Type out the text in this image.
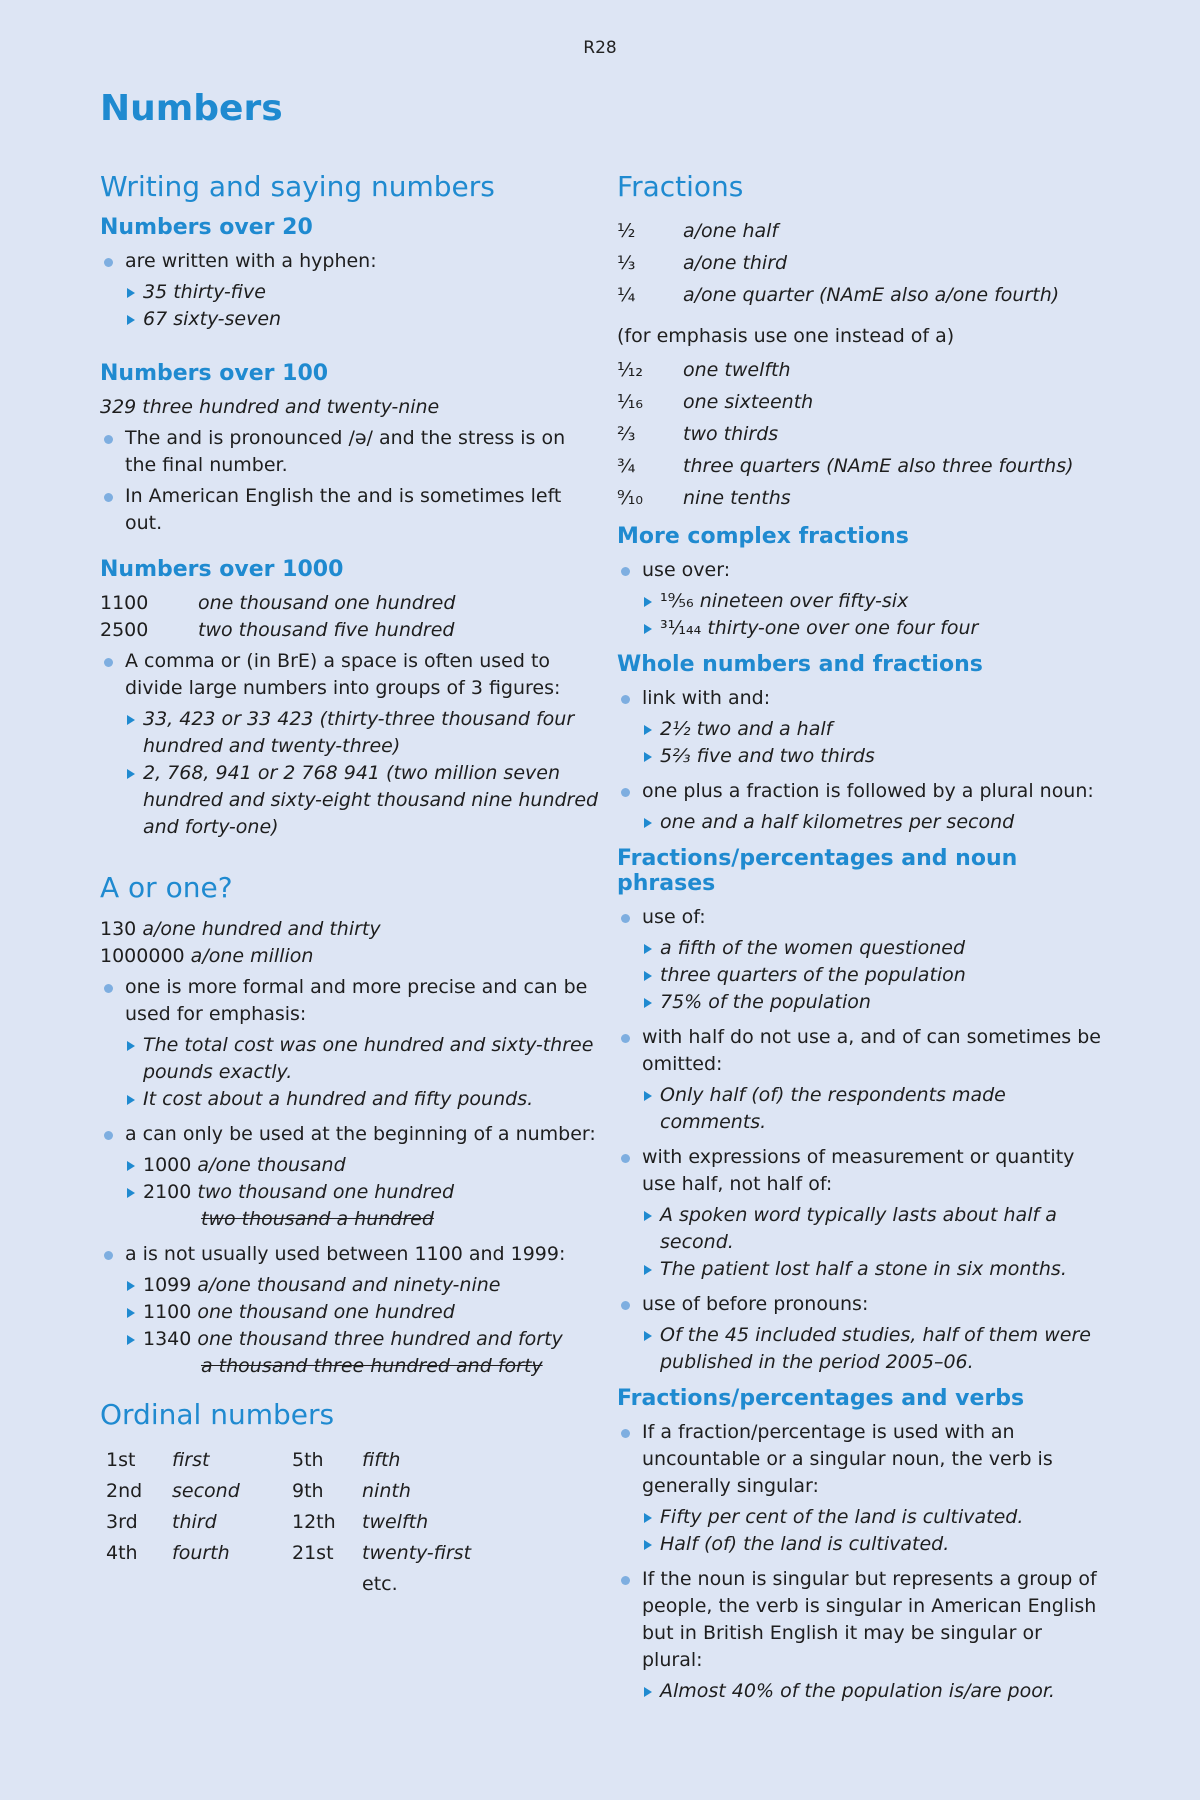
R28
Numbers
Writing and saying numbers
Numbers over 20

are written with a hyphen:

35 thirty-five
67 sixty-seven
Numbers over 100

329 three hundred and twenty-nine

The and is pronounced /ə/ and the stress is on the final number.

In American English the and is sometimes left out.

Numbers over 1000
1100	one thousand one hundred
2500	two thousand five hundred

A comma or (in BrE) a space is often used to divide large numbers into groups of 3 figures:

33, 423 or 33 423 (thirty-three thousand four hundred and twenty-three)
2, 768, 941 or 2 768 941 (two million seven hundred and sixty-eight thousand nine hundred and forty-one)
A or one?

130 a/one hundred and thirty

1000000 a/one million

one is more formal and more precise and can be used for emphasis:

The total cost was one hundred and sixty-three pounds exactly.
It cost about a hundred and fifty pounds.

a can only be used at the beginning of a number:

1000 a/one thousand
2100 two thousand one hundred
two thousand a hundred

a is not usually used between 1100 and 1999:

1099 a/one thousand and ninety-nine
1100 one thousand one hundred
1340 one thousand three hundred and forty
a thousand three hundred and forty
Ordinal numbers
1st	first	5th	fifth
2nd	second	9th	ninth
3rd	third	12th	twelfth
4th	fourth	21st	twenty-first
etc.
Fractions
½	a/one half
⅓	a/one third
¼	a/one quarter (NAmE also a/one fourth)

(for emphasis use one instead of a)

¹⁄₁₂	one twelfth
¹⁄₁₆	one sixteenth
⅔	two thirds
¾	three quarters (NAmE also three fourths)
⁹⁄₁₀	nine tenths
More complex fractions

use over:

¹⁹⁄₅₆ nineteen over fifty-six
³¹⁄₁₄₄ thirty-one over one four four
Whole numbers and fractions

link with and:

2½ two and a half
5⅔ five and two thirds

one plus a fraction is followed by a plural noun:

one and a half kilometres per second
Fractions/percentages and noun phrases

use of:

a fifth of the women questioned
three quarters of the population
75% of the population

with half do not use a, and of can sometimes be omitted:

Only half (of) the respondents made comments.

with expressions of measurement or quantity use half, not half of:

A spoken word typically lasts about half a second.
The patient lost half a stone in six months.

use of before pronouns:

Of the 45 included studies, half of them were published in the period 2005–06.
Fractions/percentages and verbs

If a fraction/percentage is used with an uncountable or a singular noun, the verb is generally singular:

Fifty per cent of the land is cultivated.
Half (of) the land is cultivated.

If the noun is singular but represents a group of people, the verb is singular in American English but in British English it may be singular or plural:

Almost 40% of the population is/are poor.
